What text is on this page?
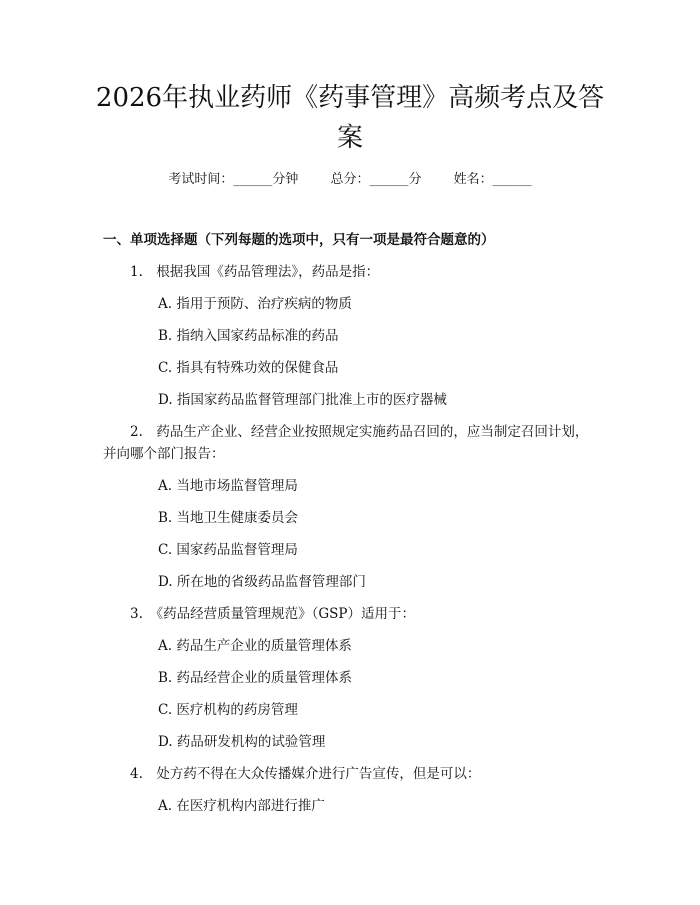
2026年执业药师《药事管理》高频考点及答
案
考试时间：______分钟 总分：______分 姓名：______
一、单项选择题（下列每题的选项中，只有一项是最符合题意的）
1.　根据我国《药品管理法》，药品是指：
A. 指用于预防、治疗疾病的物质
B. 指纳入国家药品标准的药品
C. 指具有特殊功效的保健食品
D. 指国家药品监督管理部门批准上市的医疗器械
2.　药品生产企业、经营企业按照规定实施药品召回的，应当制定召回计划，
并向哪个部门报告：
A. 当地市场监督管理局
B. 当地卫生健康委员会
C. 国家药品监督管理局
D. 所在地的省级药品监督管理部门
3.　《药品经营质量管理规范》（GSP）适用于：
A. 药品生产企业的质量管理体系
B. 药品经营企业的质量管理体系
C. 医疗机构的药房管理
D. 药品研发机构的试验管理
4.　处方药不得在大众传播媒介进行广告宣传，但是可以：
A. 在医疗机构内部进行推广
